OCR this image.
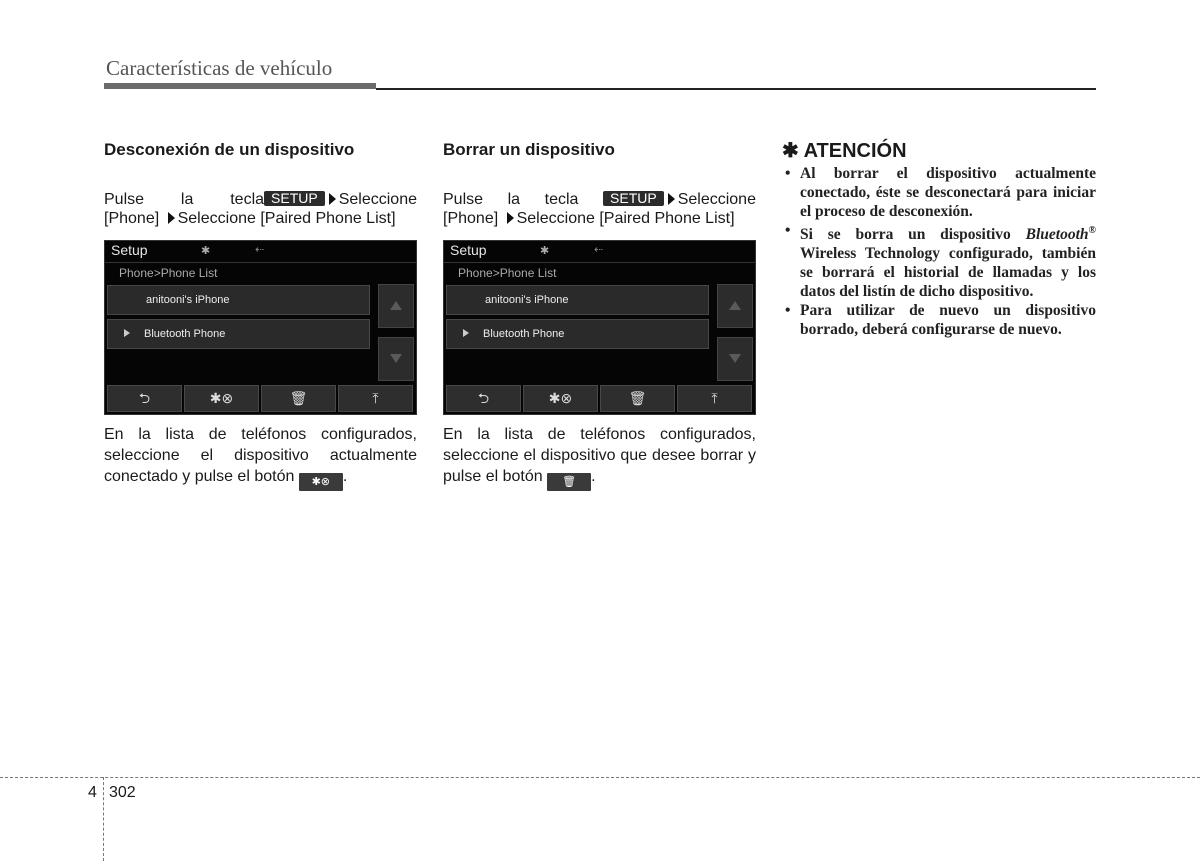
Características de vehículo
Desconexión de un dispositivo
Pulse la tecla SETUP Seleccione
[Phone] Seleccione [Paired Phone List]
Setup	✱	⇠
Phone>Phone List
anitooni's iPhone
Bluetooth Phone
⮌	✱⊗	🗑	⤒
En la lista de teléfonos configurados, seleccione el dispositivo actualmente conectado y pulse el botón ✱⊗ .
Borrar un dispositivo
Pulse la tecla	SETUP Seleccione
[Phone] Seleccione [Paired Phone List]
Setup	✱	⇠
Phone>Phone List
anitooni's iPhone
Bluetooth Phone
⮌	✱⊗	🗑	⤒
En la lista de teléfonos configurados, seleccione el dispositivo que desee borrar y pulse el botón 🗑 .
✱ ATENCIÓN
• Al borrar el dispositivo actualmente conectado, éste se desconectará para iniciar el proceso de desconexión.
• Si se borra un dispositivo Bluetooth® Wireless Technology configurado, también se borrará el historial de llamadas y los datos del listín de dicho dispositivo.
• Para utilizar de nuevo un dispositivo borrado, deberá configurarse de nuevo.
4 302
